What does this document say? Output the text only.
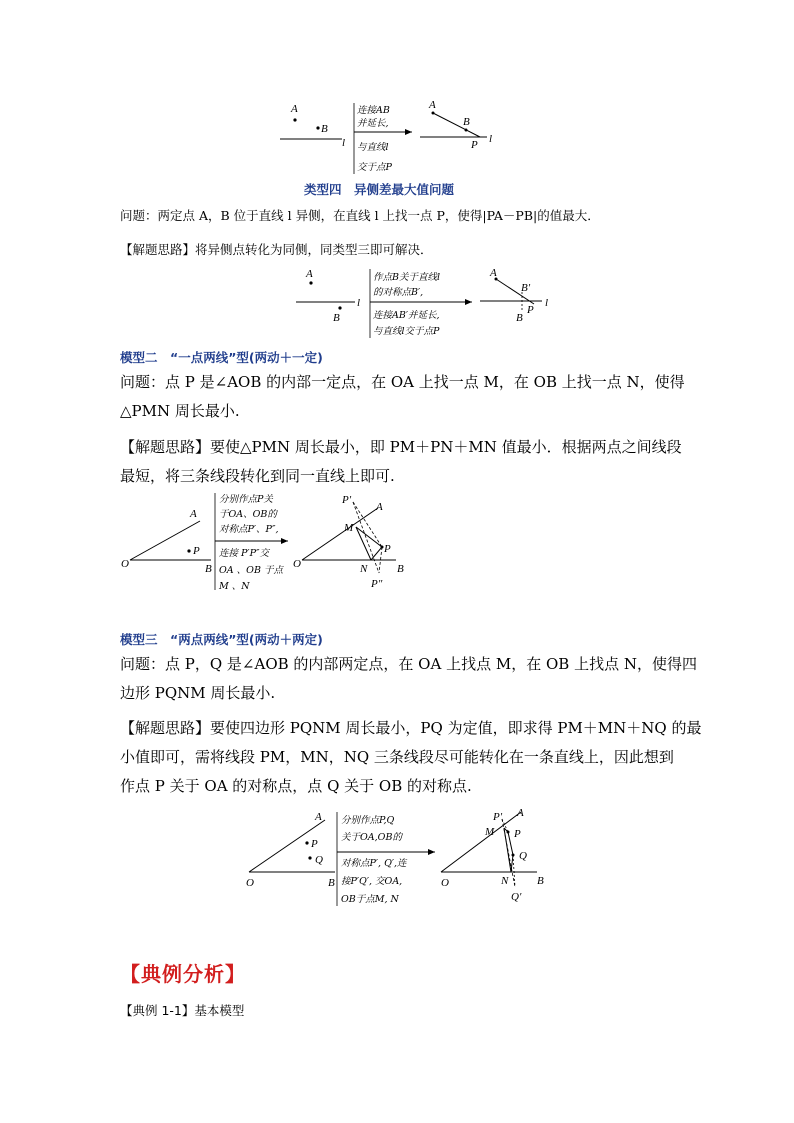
A
B
l
连接AB
并延长,
与直线l
交于点P
A
B
P l
类型四　异侧差最大值问题
问题：两定点 A，B 位于直线 l 异侧，在直线 l 上找一点 P，使得|PA－PB|的值最大．
【解题思路】将异侧点转化为同侧，同类型三即可解决．
A
B
l
作点B关于直线l
的对称点B′,
连接AB′并延长,
与直线l交于点P
A
B′
B
P
l
模型二　“一点两线”型(两动＋一定)
问题：点 P 是∠AOB 的内部一定点，在 OA 上找一点 M，在 OB 上找一点 N，使得
△PMN 周长最小.
【解题思路】要使△PMN 周长最小，即 PM＋PN＋MN 值最小．根据两点之间线段
最短，将三条线段转化到同一直线上即可.
O
A
B
P
分别作点P关
于OA、OB的
对称点P′、P″,
连接 P′P″交
OA 、OB 于点
M 、N
P′
A
M
P
N	B
O
P″
模型三　“两点两线”型(两动＋两定)
问题：点 P，Q 是∠AOB 的内部两定点，在 OA 上找点 M，在 OB 上找点 N，使得四
边形 PQNM 周长最小.
【解题思路】要使四边形 PQNM 周长最小，PQ 为定值，即求得 PM＋MN＋NQ 的最
小值即可，需将线段 PM，MN，NQ 三条线段尽可能转化在一条直线上，因此想到
作点 P 关于 OA 的对称点，点 Q 关于 OB 的对称点.
O
A
B
P
Q
分别作点P,Q
关于OA,OB的
对称点P′, Q′,连
接P′Q′, 交OA,
OB于点M, N
P′ A
M P
Q
N	B
O
Q′
【典例分析】
【典例 1-1】基本模型
